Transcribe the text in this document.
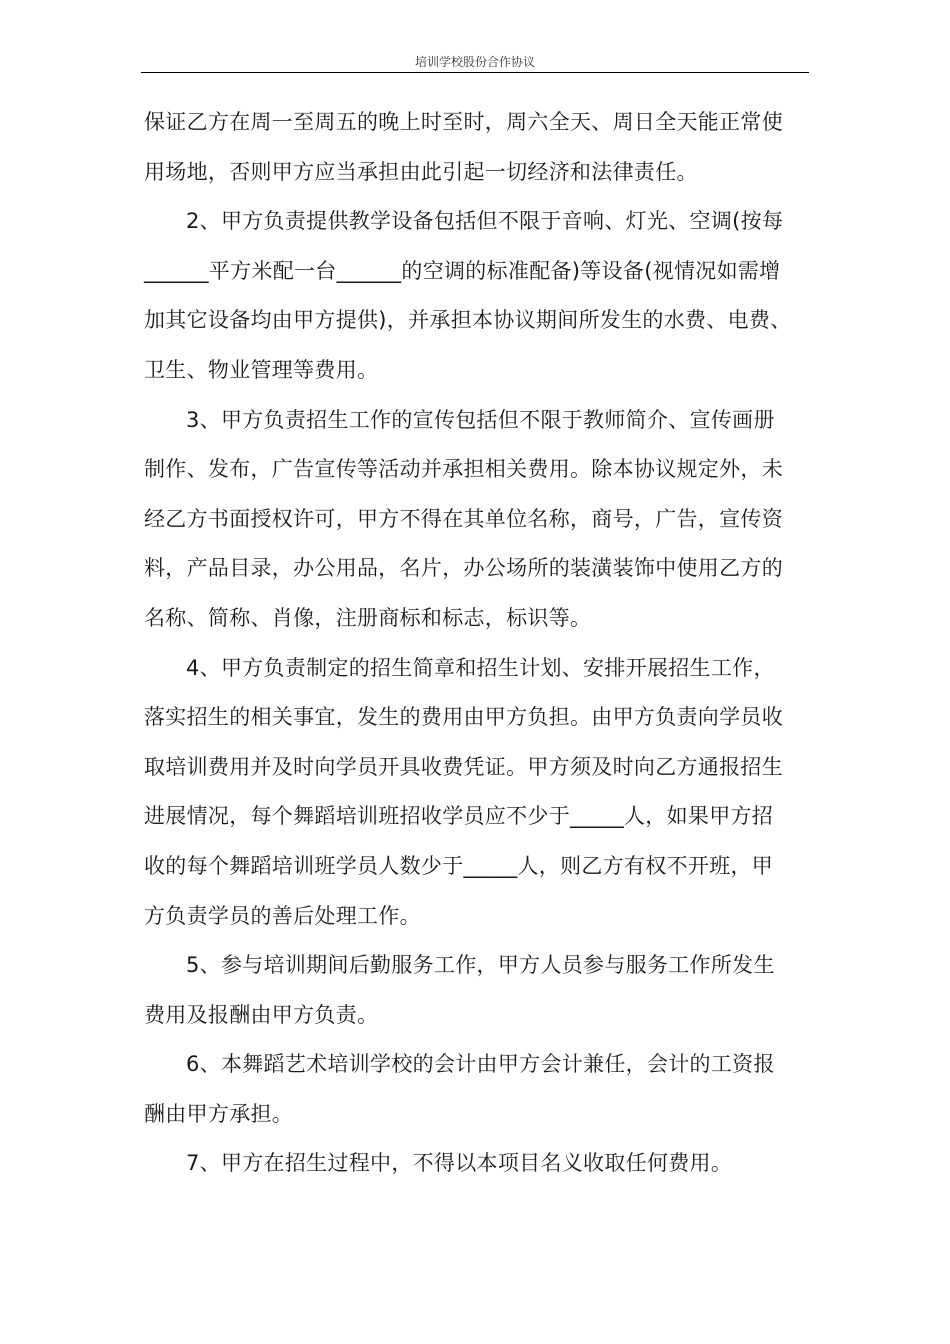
培训学校股份合作协议

保证乙方在周一至周五的晚上时至时，周六全天、周日全天能正常使
用场地，否则甲方应当承担由此引起一切经济和法律责任。

2、甲方负责提供教学设备包括但不限于音响、灯光、空调(按每
______平方米配一台______的空调的标准配备)等设备(视情况如需增
加其它设备均由甲方提供)，并承担本协议期间所发生的水费、电费、
卫生、物业管理等费用。

3、甲方负责招生工作的宣传包括但不限于教师简介、宣传画册
制作、发布，广告宣传等活动并承担相关费用。除本协议规定外，未
经乙方书面授权许可，甲方不得在其单位名称，商号，广告，宣传资
料，产品目录，办公用品，名片，办公场所的装潢装饰中使用乙方的
名称、简称、肖像，注册商标和标志，标识等。

4、甲方负责制定的招生简章和招生计划、安排开展招生工作，
落实招生的相关事宜，发生的费用由甲方负担。由甲方负责向学员收
取培训费用并及时向学员开具收费凭证。甲方须及时向乙方通报招生
进展情况，每个舞蹈培训班招收学员应不少于_____人，如果甲方招
收的每个舞蹈培训班学员人数少于_____人，则乙方有权不开班，甲
方负责学员的善后处理工作。

5、参与培训期间后勤服务工作，甲方人员参与服务工作所发生
费用及报酬由甲方负责。

6、本舞蹈艺术培训学校的会计由甲方会计兼任，会计的工资报
酬由甲方承担。

7、甲方在招生过程中，不得以本项目名义收取任何费用。
